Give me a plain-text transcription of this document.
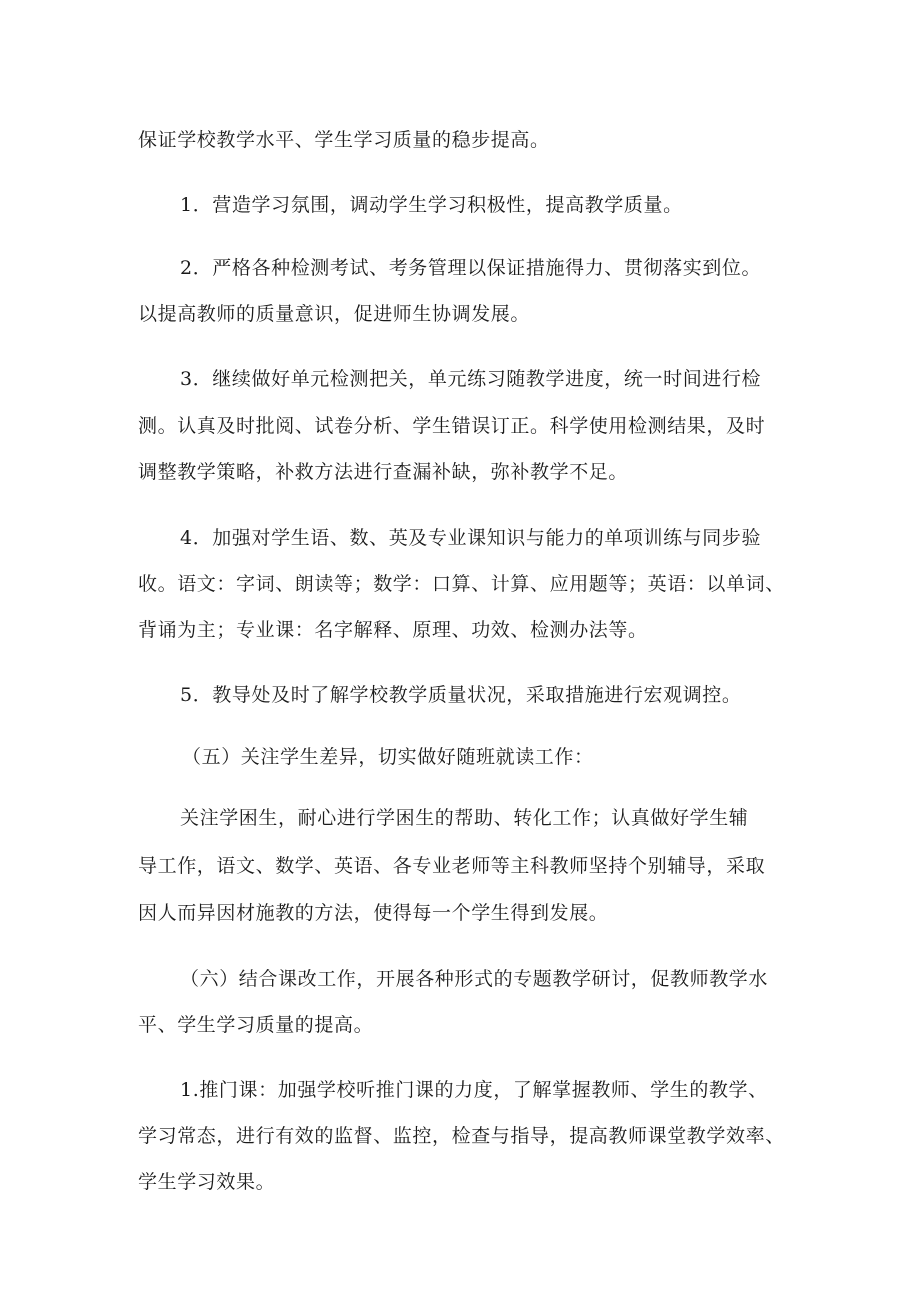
保证学校教学水平、学生学习质量的稳步提高。

1．营造学习氛围，调动学生学习积极性，提高教学质量。

2．严格各种检测考试、考务管理以保证措施得力、贯彻落实到位。

以提高教师的质量意识，促进师生协调发展。

3．继续做好单元检测把关，单元练习随教学进度，统一时间进行检

测。认真及时批阅、试卷分析、学生错误订正。科学使用检测结果，及时

调整教学策略，补救方法进行查漏补缺，弥补教学不足。

4．加强对学生语、数、英及专业课知识与能力的单项训练与同步验

收。语文：字词、朗读等；数学：口算、计算、应用题等；英语：以单词、

背诵为主；专业课：名字解释、原理、功效、检测办法等。

5．教导处及时了解学校教学质量状况，采取措施进行宏观调控。

（五）关注学生差异，切实做好随班就读工作：

关注学困生，耐心进行学困生的帮助、转化工作；认真做好学生辅

导工作，语文、数学、英语、各专业老师等主科教师坚持个别辅导，采取

因人而异因材施教的方法，使得每一个学生得到发展。

（六）结合课改工作，开展各种形式的专题教学研讨，促教师教学水

平、学生学习质量的提高。

1.推门课：加强学校听推门课的力度，了解掌握教师、学生的教学、

学习常态，进行有效的监督、监控，检查与指导，提高教师课堂教学效率、

学生学习效果。
